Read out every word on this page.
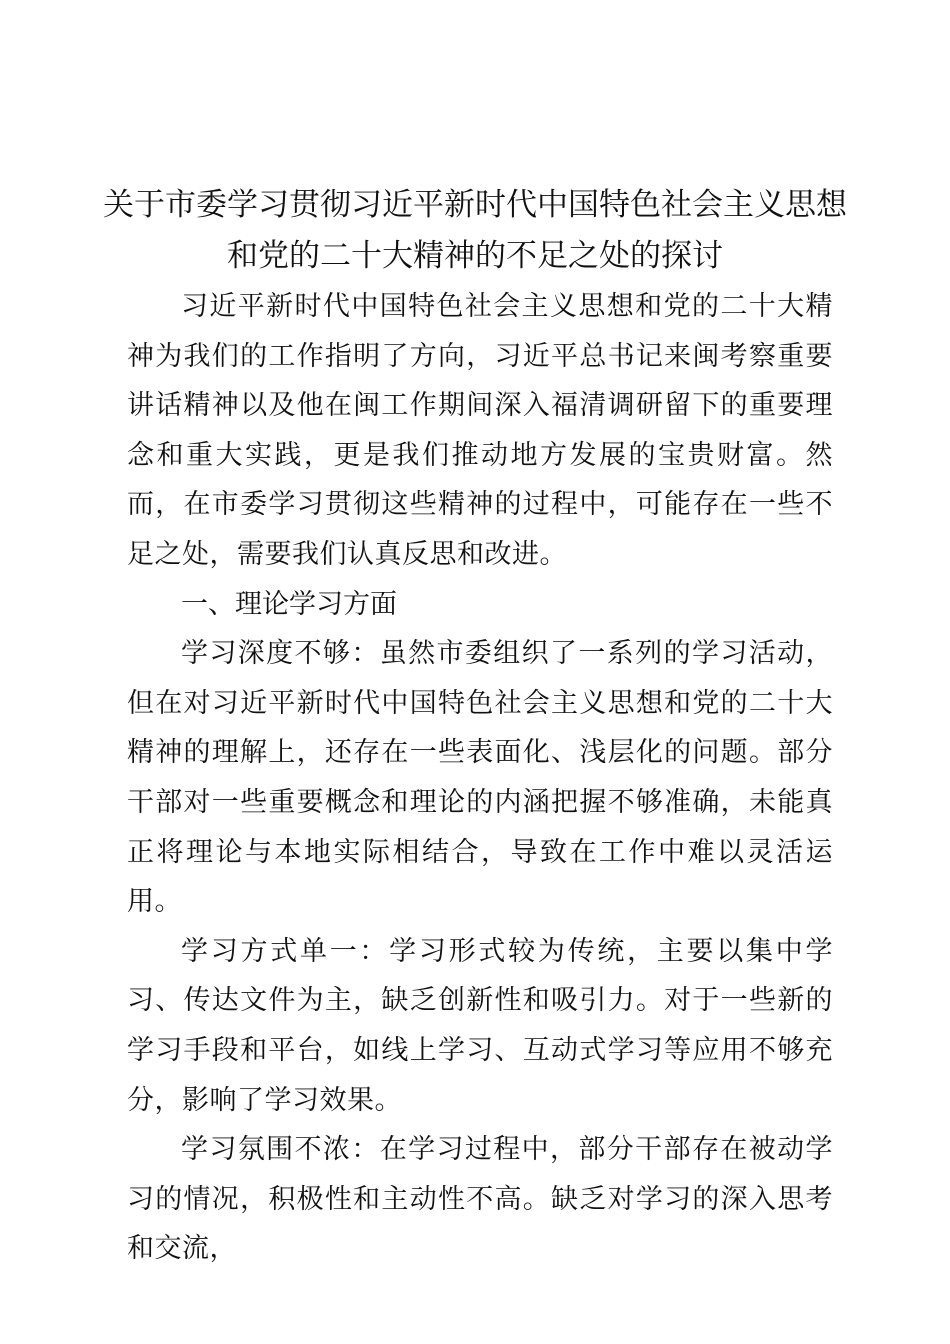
关于市委学习贯彻习近平新时代中国特色社会主义思想
和党的二十大精神的不足之处的探讨

习近平新时代中国特色社会主义思想和党的二十大精神为我们的工作指明了方向，习近平总书记来闽考察重要讲话精神以及他在闽工作期间深入福清调研留下的重要理念和重大实践，更是我们推动地方发展的宝贵财富。然而，在市委学习贯彻这些精神的过程中，可能存在一些不足之处，需要我们认真反思和改进。

一、理论学习方面

学习深度不够：虽然市委组织了一系列的学习活动，但在对习近平新时代中国特色社会主义思想和党的二十大精神的理解上，还存在一些表面化、浅层化的问题。部分干部对一些重要概念和理论的内涵把握不够准确，未能真正将理论与本地实际相结合，导致在工作中难以灵活运用。

学习方式单一：学习形式较为传统，主要以集中学习、传达文件为主，缺乏创新性和吸引力。对于一些新的学习手段和平台，如线上学习、互动式学习等应用不够充分，影响了学习效果。

学习氛围不浓：在学习过程中，部分干部存在被动学习的情况，积极性和主动性不高。缺乏对学习的深入思考和交流，
